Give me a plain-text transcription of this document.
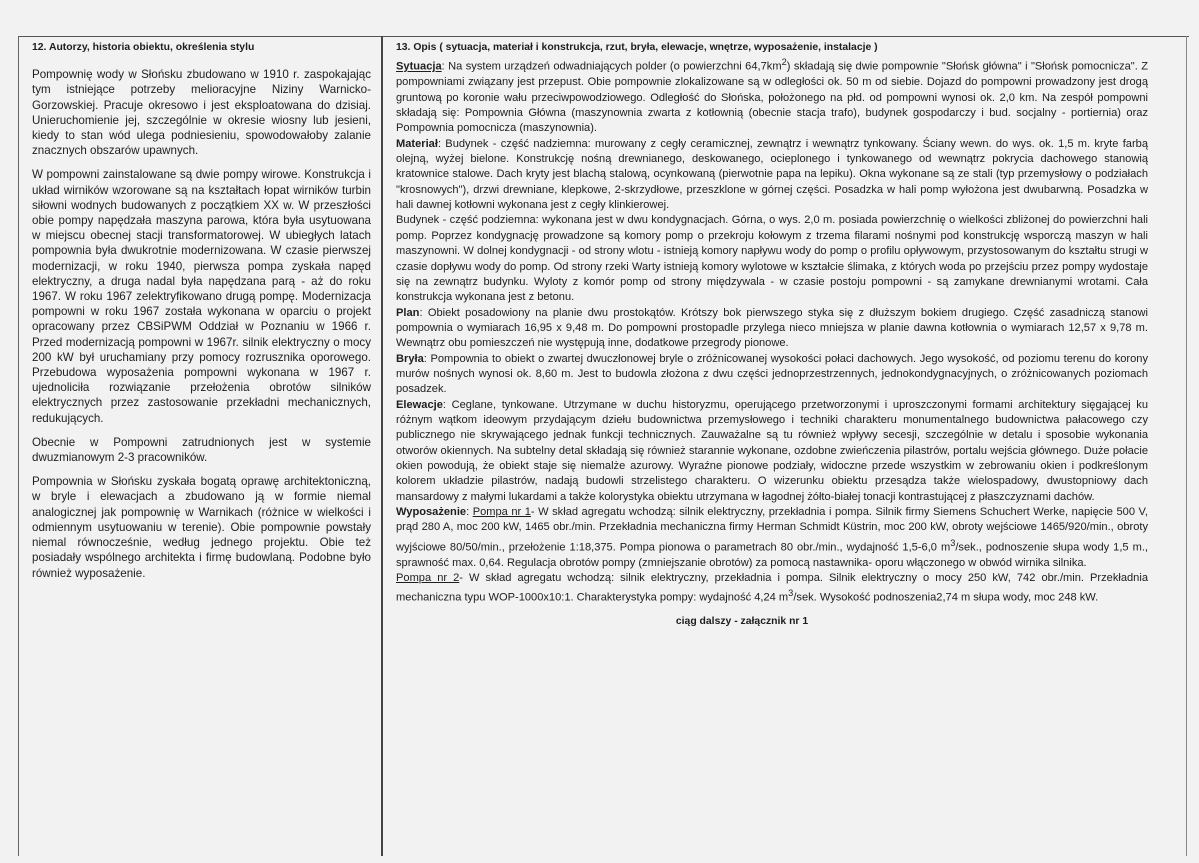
12. Autorzy, historia obiektu, określenia stylu

Pompownię wody w Słońsku zbudowano w 1910 r. zaspokajając tym istniejące potrzeby melioracyjne Niziny Warnicko-Gorzowskiej. Pracuje okresowo i jest eksploatowana do dzisiaj. Unieruchomienie jej, szczególnie w okresie wiosny lub jesieni, kiedy to stan wód ulega podniesieniu, spowodowałoby zalanie znacznych obszarów upawnych.

W pompowni zainstalowane są dwie pompy wirowe. Konstrukcja i układ wirników wzorowane są na kształtach łopat wirników turbin siłowni wodnych budowanych z początkiem XX w. W przeszłości obie pompy napędzała maszyna parowa, która była usytuowana w miejscu obecnej stacji transformatorowej. W ubiegłych latach pompownia była dwukrotnie modernizowana. W czasie pierwszej modernizacji, w roku 1940, pierwsza pompa zyskała napęd elektryczny, a druga nadal była napędzana parą - aż do roku 1967. W roku 1967 zelektryfikowano drugą pompę. Modernizacja pompowni w roku 1967 została wykonana w oparciu o projekt opracowany przez CBSiPWM Oddział w Poznaniu w 1966 r. Przed modernizacją pompowni w 1967r. silnik elektryczny o mocy 200 kW był uruchamiany przy pomocy rozrusznika oporowego. Przebudowa wyposażenia pompowni wykonana w 1967 r. ujednoliciła rozwiązanie przełożenia obrotów silników elektrycznych przez zastosowanie przekładni mechanicznych, redukujących.

Obecnie w Pompowni zatrudnionych jest w systemie dwuzmianowym 2-3 pracowników.

Pompownia w Słońsku zyskała bogatą oprawę architektoniczną, w bryle i elewacjach a zbudowano ją w formie niemal analogicznej jak pompownię w Warnikach (różnice w wielkości i odmiennym usytuowaniu w terenie). Obie pompownie powstały niemal równocześnie, według jednego projektu. Obie też posiadały wspólnego architekta i firmę budowlaną. Podobne było również wyposażenie.

13. Opis ( sytuacja, materiał i konstrukcja, rzut, bryła, elewacje, wnętrze, wyposażenie, instalacje )

Sytuacja: Na system urządzeń odwadniających polder (o powierzchni $64,7km^2$) składają się dwie pompownie "Słońsk główna" i "Słońsk pomocnicza". Z pompowniami związany jest przepust. Obie pompownie zlokalizowane są w odległości ok. 50 m od siebie. Dojazd do pompowni prowadzony jest drogą gruntową po koronie wału przeciwpowodziowego. Odległość do Słońska, położonego na płd. od pompowni wynosi ok. 2,0 km. Na zespół pompowni składają się: Pompownia Główna (maszynownia zwarta z kotłownią (obecnie stacja trafo), budynek gospodarczy i bud. socjalny - portiernia) oraz Pompownia pomocnicza (maszynownia).

Materiał: Budynek - część nadziemna: murowany z cegły ceramicznej, zewnątrz i wewnątrz tynkowany. Ściany wewn. do wys. ok. 1,5 m. kryte farbą olejną, wyżej bielone. Konstrukcję nośną drewnianego, deskowanego, ocieplonego i tynkowanego od wewnątrz pokrycia dachowego stanowią kratownice stalowe. Dach kryty jest blachą stalową, ocynkowaną (pierwotnie papa na lepiku). Okna wykonane są ze stali (typ przemysłowy o podziałach "krosnowych"), drzwi drewniane, klepkowe, 2-skrzydłowe, przeszklone w górnej części. Posadzka w hali pomp wyłożona jest dwubarwną. Posadzka w hali dawnej kotłowni wykonana jest z cegły klinkierowej.

Budynek - część podziemna: wykonana jest w dwu kondygnacjach. Górna, o wys. 2,0 m. posiada powierzchnię o wielkości zbliżonej do powierzchni hali pomp. Poprzez kondygnację prowadzone są komory pomp o przekroju kołowym z trzema filarami nośnymi pod konstrukcję wsporczą maszyn w hali maszynowni. W dolnej kondygnacji - od strony wlotu - istnieją komory napływu wody do pomp o profilu opływowym, przystosowanym do kształtu strugi w czasie dopływu wody do pomp. Od strony rzeki Warty istnieją komory wylotowe w kształcie ślimaka, z których woda po przejściu przez pompy wydostaje się na zewnątrz budynku. Wyloty z komór pomp od strony międzywala - w czasie postoju pompowni - są zamykane drewnianymi wrotami. Cała konstrukcja wykonana jest z betonu.

Plan: Obiekt posadowiony na planie dwu prostokątów. Krótszy bok pierwszego styka się z dłuższym bokiem drugiego. Część zasadniczą stanowi pompownia o wymiarach 16,95 x 9,48 m. Do pompowni prostopadle przylega nieco mniejsza w planie dawna kotłownia o wymiarach 12,57 x 9,78 m. Wewnątrz obu pomieszczeń nie występują inne, dodatkowe przegrody pionowe.

Bryła: Pompownia to obiekt o zwartej dwuczłonowej bryle o zróżnicowanej wysokości połaci dachowych. Jego wysokość, od poziomu terenu do korony murów nośnych wynosi ok. 8,60 m. Jest to budowla złożona z dwu części jednoprzestrzennych, jednokondygnacyjnych, o zróżnicowanych poziomach posadzek.

Elewacje: Ceglane, tynkowane. Utrzymane w duchu historyzmu, operującego przetworzonymi i uproszczonymi formami architektury sięgającej ku różnym wątkom ideowym przydającym dziełu budownictwa przemysłowego i techniki charakteru monumentalnego budownictwa pałacowego czy publicznego nie skrywającego jednak funkcji technicznych. Zauważalne są tu również wpływy secesji, szczególnie w detalu i sposobie wykonania otworów okiennych. Na subtelny detal składają się również starannie wykonane, ozdobne zwieńczenia pilastrów, portalu wejścia głównego. Duże połacie okien powodują, że obiekt staje się niemalże azurowy. Wyraźne pionowe podziały, widoczne przede wszystkim w zebrowaniu okien i podkreślonym kolorem układzie pilastrów, nadają budowli strzelistego charakteru. O wizerunku obiektu przesądza także wielospadowy, dwustopniowy dach mansardowy z małymi lukardami a także kolorystyka obiektu utrzymana w łagodnej żółto-białej tonacji kontrastującej z płaszczyznami dachów.

Wyposażenie: Pompa nr 1- W skład agregatu wchodzą: silnik elektryczny, przekładnia i pompa. Silnik firmy Siemens Schuchert Werke, napięcie 500 V, prąd 280 A, moc 200 kW, 1465 obr./min. Przekładnia mechaniczna firmy Herman Schmidt Küstrin, moc 200 kW, obroty wejściowe 1465/920/min., obroty wyjściowe 80/50/min., przełożenie 1:18,375. Pompa pionowa o parametrach 80 obr./min., wydajność 1,5-6,0 $m^3$/sek., podnoszenie słupa wody 1,5 m., sprawność max. 0,64. Regulacja obrotów pompy (zmniejszanie obrotów) za pomocą nastawnika- oporu włączonego w obwód wirnika silnika.

Pompa nr 2- W skład agregatu wchodzą: silnik elektryczny, przekładnia i pompa. Silnik elektryczny o mocy 250 kW, 742 obr./min. Przekładnia mechaniczna typu WOP-1000x10:1. Charakterystyka pompy: wydajność 4,24 $m^3$/sek. Wysokość podnoszenia2,74 m słupa wody, moc 248 kW.

ciąg dalszy - załącznik nr 1
